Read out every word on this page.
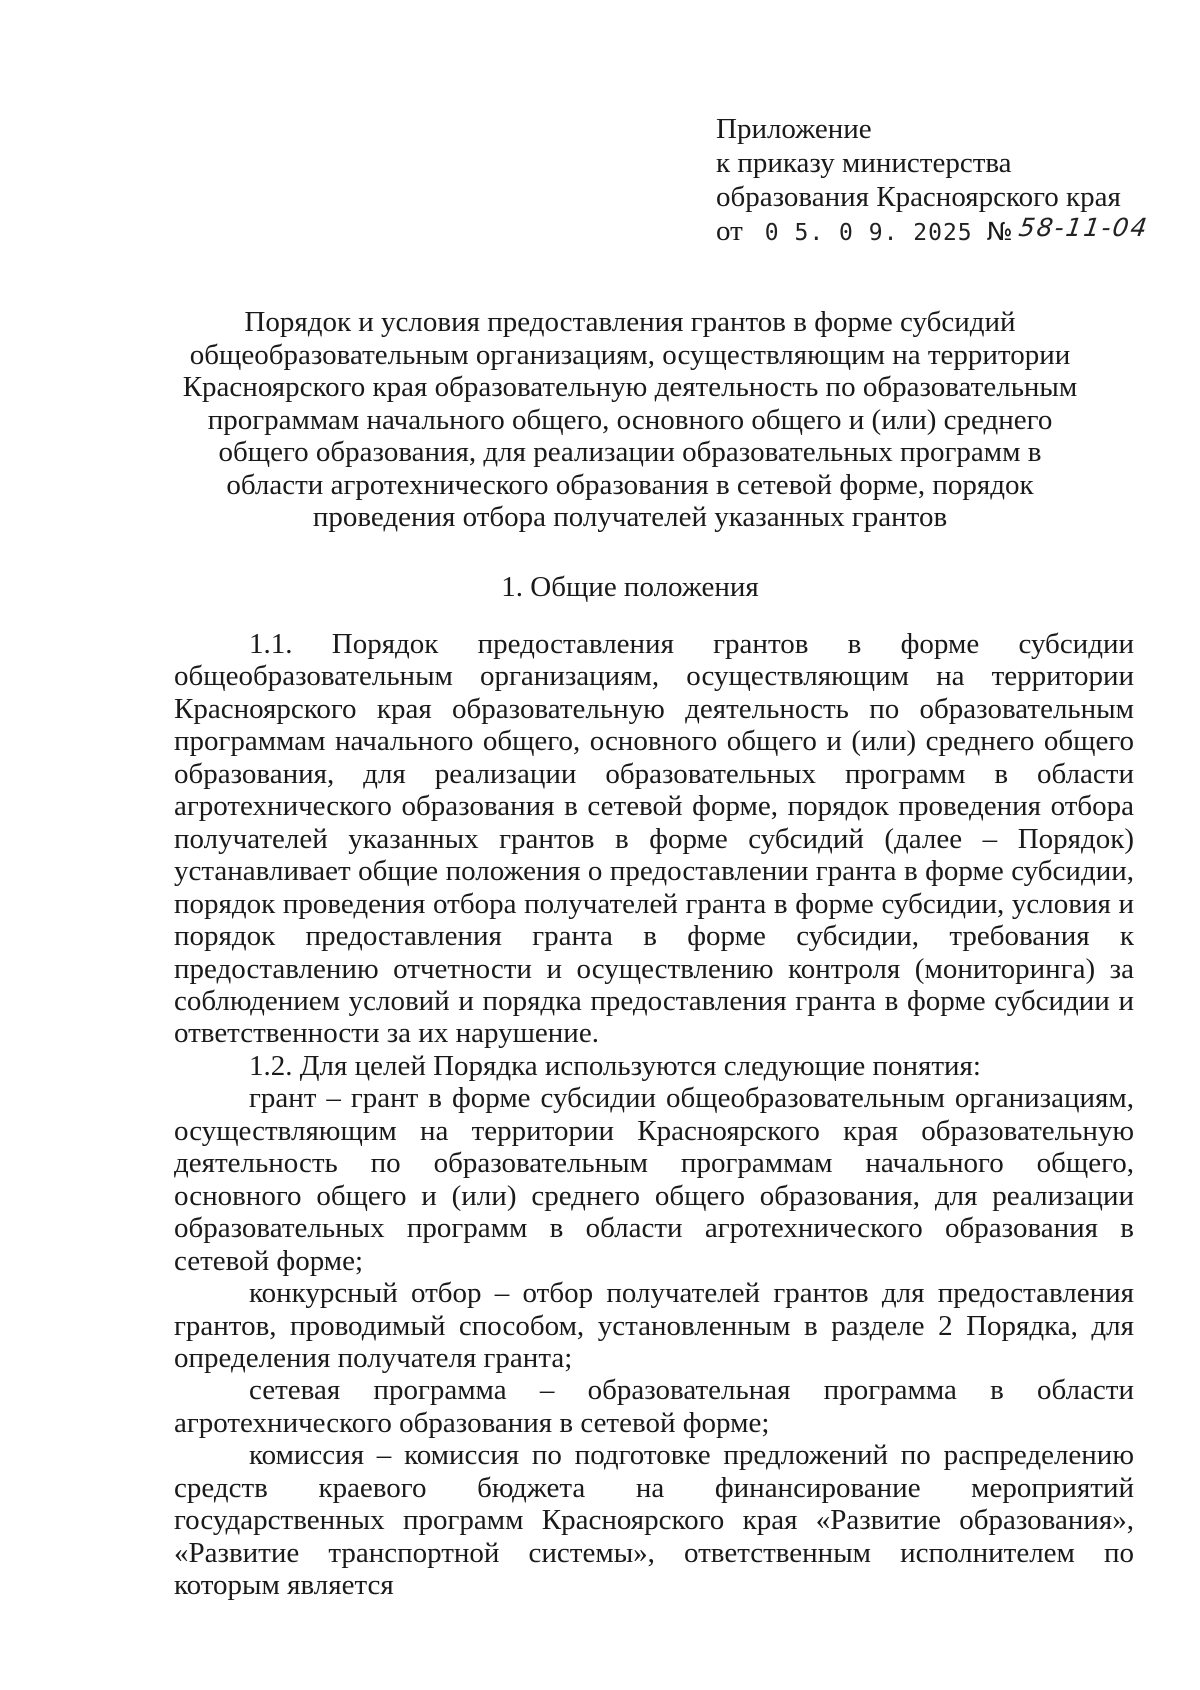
Приложение
к приказу министерства
образования Красноярского края
от 0 5. 0 9. 2025 № 58-11-04
Порядок и условия предоставления грантов в форме субсидий общеобразовательным организациям, осуществляющим на территории Красноярского края образовательную деятельность по образовательным программам начального общего, основного общего и (или) среднего общего образования, для реализации образовательных программ в области агротехнического образования в сетевой форме, порядок проведения отбора получателей указанных грантов
1. Общие положения

1.1. Порядок предоставления грантов в форме субсидии общеобразовательным организациям, осуществляющим на территории Красноярского края образовательную деятельность по образовательным программам начального общего, основного общего и (или) среднего общего образования, для реализации образовательных программ в области агротехнического образования в сетевой форме, порядок проведения отбора получателей указанных грантов в форме субсидий (далее – Порядок) устанавливает общие положения о предоставлении гранта в форме субсидии, порядок проведения отбора получателей гранта в форме субсидии, условия и порядок предоставления гранта в форме субсидии, требования к предоставлению отчетности и осуществлению контроля (мониторинга) за соблюдением условий и порядка предоставления гранта в форме субсидии и ответственности за их нарушение.

1.2. Для целей Порядка используются следующие понятия:

грант – грант в форме субсидии общеобразовательным организациям, осуществляющим на территории Красноярского края образовательную деятельность по образовательным программам начального общего, основного общего и (или) среднего общего образования, для реализации образовательных программ в области агротехнического образования в сетевой форме;

конкурсный отбор – отбор получателей грантов для предоставления грантов, проводимый способом, установленным в разделе 2 Порядка, для определения получателя гранта;

сетевая программа – образовательная программа в области агротехнического образования в сетевой форме;

комиссия – комиссия по подготовке предложений по распределению средств краевого бюджета на финансирование мероприятий государственных программ Красноярского края «Развитие образования», «Развитие транспортной системы», ответственным исполнителем по которым является
